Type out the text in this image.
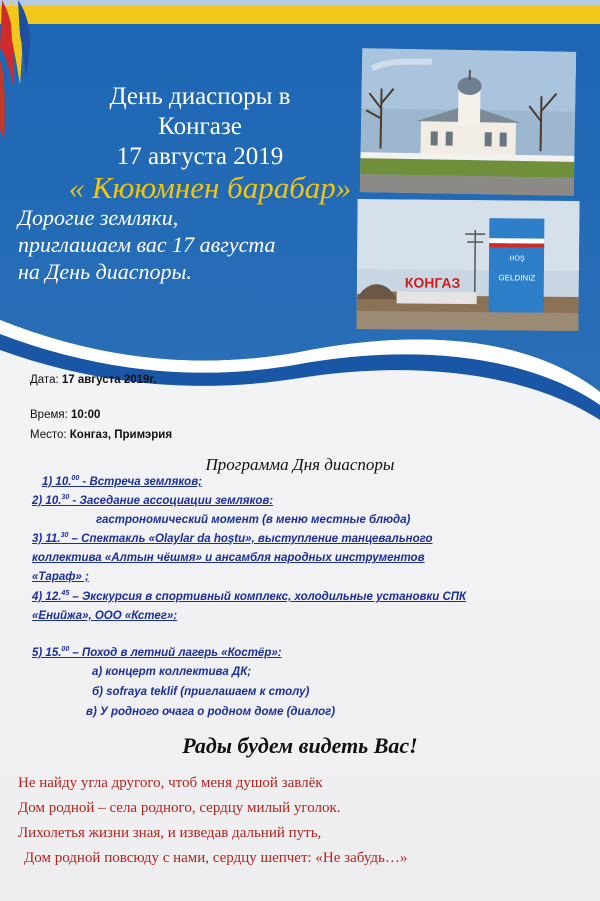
День диаспоры в
Конгазе
17 августа 2019
« Кююмнен барабар»
Дорогие земляки,
приглашаем вас 17 августа
на День диаспоры.
HOŞ
GELDINIZ
КОНГАЗ
Дата: 17 августа 2019г.
Время: 10:00
Место: Конгаз, Примэрия
Программа Дня диаспоры
1) 10.00 - Встреча земляков;
2) 10.30 - Заседание ассоциации земляков:
гастрономический момент (в меню местные блюда)
3) 11.30 – Спектакль «Olaylar da hoştu», выступление танцевального
коллектива «Алтын чёшмя» и ансамбля народных инструментов
«Тараф» ;
4) 12.45 – Экскурсия в спортивный комплекс, холодильные установки СПК
«Енийжа», ООО «Кстег»:
5) 15.00 – Поход в летний лагерь «Костёр»:
а) концерт коллектива ДК;
б) sofraya teklif (приглашаем к столу)
в) У родного очага о родном доме (диалог)
Рады будем видеть Вас!
Не найду угла другого, чтоб меня душой завлёк
Дом родной – села родного, сердцу милый уголок.
Лихолетья жизни зная, и изведав дальний путь,
Дом родной повсюду с нами, сердцу шепчет: «Не забудь…»
